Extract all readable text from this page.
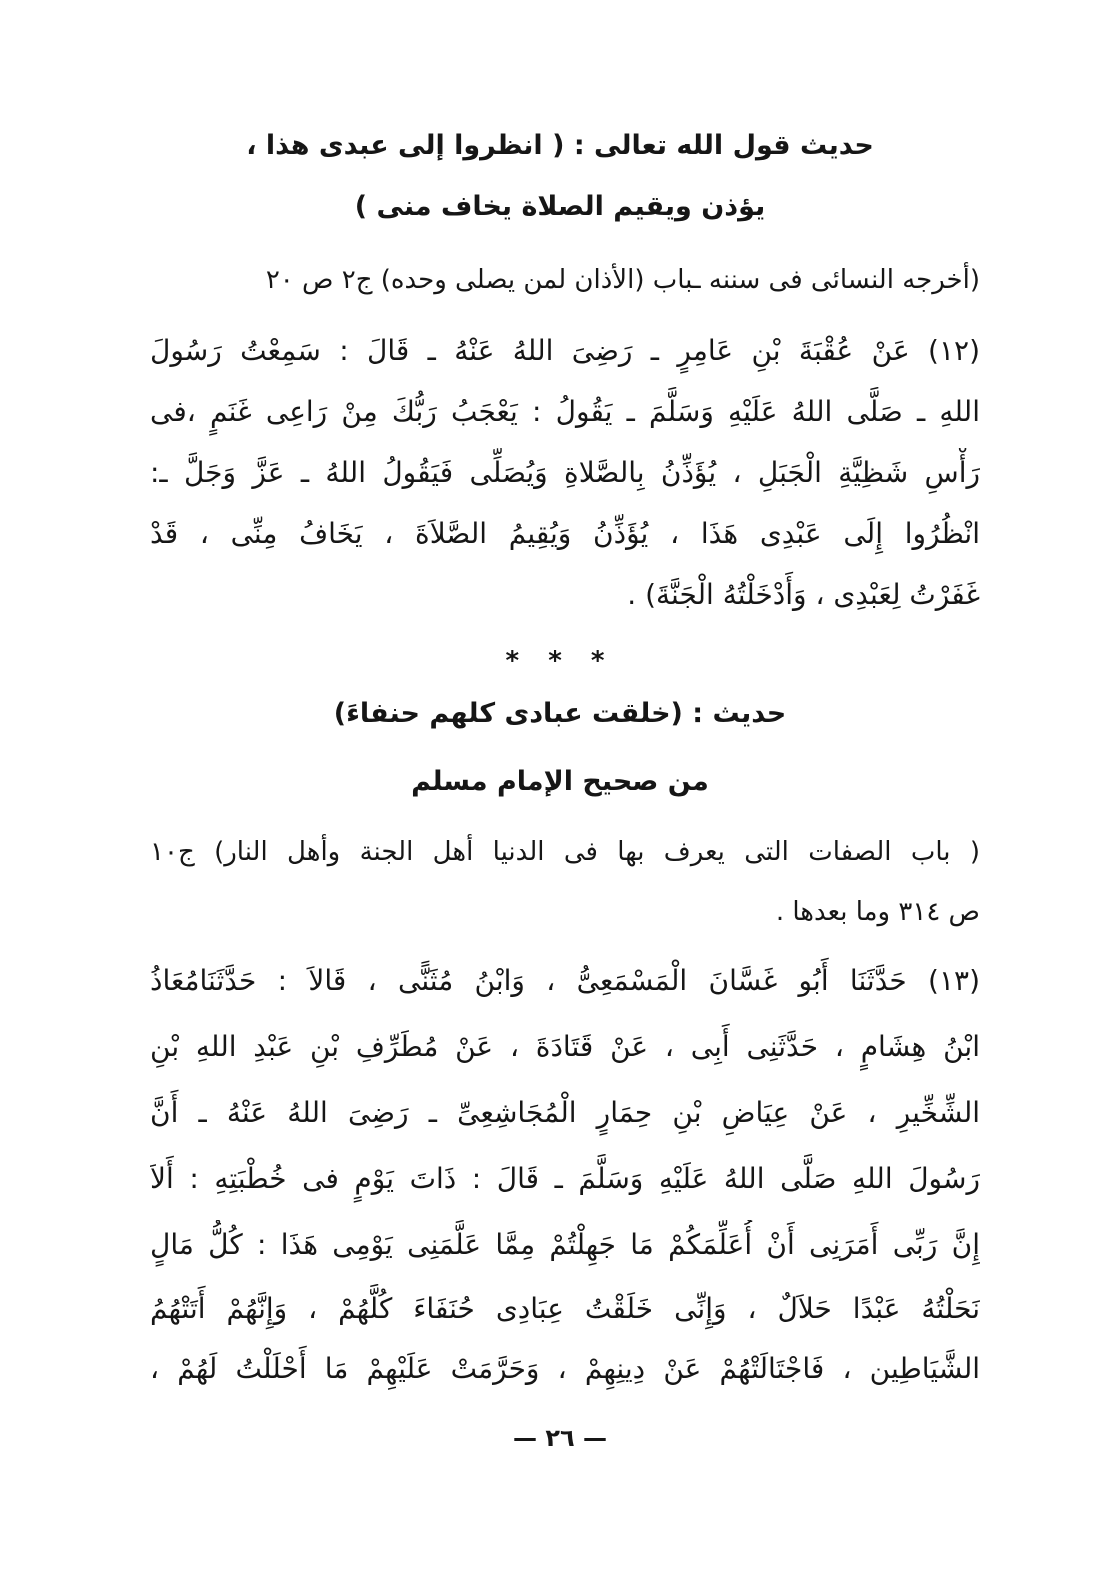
حديث قول الله تعالى : ( انظروا إلى عبدى هذا ،
يؤذن ويقيم الصلاة يخاف منى )
(أخرجه النسائى فى سننه ـباب (الأذان لمن يصلى وحده) ج٢ ص ٢٠
(١٢) عَنْ عُقْبَةَ بْنِ عَامِرٍ ـ رَضِىَ اللهُ عَنْهُ ـ قَالَ : سَمِعْتُ رَسُولَ
اللهِ ـ صَلَّى اللهُ عَلَيْهِ وَسَلَّمَ ـ يَقُولُ : يَعْجَبُ رَبُّكَ مِنْ رَاعِى غَنَمٍ ،فى
رَأْسِ شَظِيَّةِ الْجَبَلِ ، يُؤَذِّنُ بِالصَّلاةِ وَيُصَلِّى فَيَقُولُ اللهُ ـ عَزَّ وَجَلَّ ـ:
انْظُرُوا إِلَى عَبْدِى هَذَا ، يُؤَذِّنُ وَيُقِيمُ الصَّلاَةَ ، يَخَافُ مِنِّى ، قَدْ
غَفَرْتُ لِعَبْدِى ، وَأَدْخَلْتُهُ الْجَنَّةَ) .
* * *
حديث : (خلقت عبادى كلهم حنفاءَ)
من صحيح الإمام مسلم
( باب الصفات التى يعرف بها فى الدنيا أهل الجنة وأهل النار) ج١٠
ص ٣١٤ وما بعدها .
(١٣) حَدَّثَنَا أَبُو غَسَّانَ الْمَسْمَعِىُّ ، وَابْنُ مُثَنًّى ، قَالاَ : حَدَّثَنَامُعَاذُ
ابْنُ هِشَامٍ ، حَدَّثَنِى أَبِى ، عَنْ قَتَادَةَ ، عَنْ مُطَرِّفِ بْنِ عَبْدِ اللهِ بْنِ
الشِّخِّيرِ ، عَنْ عِيَاضِ بْنِ حِمَارٍ الْمُجَاشِعِىِّ ـ رَضِىَ اللهُ عَنْهُ ـ أَنَّ
رَسُولَ اللهِ صَلَّى اللهُ عَلَيْهِ وَسَلَّمَ ـ قَالَ : ذَاتَ يَوْمٍ فى خُطْبَتِهِ : أَلاَ
إِنَّ رَبِّى أَمَرَنِى أَنْ أُعَلِّمَكُمْ مَا جَهِلْتُمْ مِمَّا عَلَّمَنِى يَوْمِى هَذَا : كُلُّ مَالٍ
نَحَلْتُهُ عَبْدًا حَلاَلٌ ، وَإِنِّى خَلَقْتُ عِبَادِى حُنَفَاءَ كُلَّهُمْ ، وَإِنَّهُمْ أَتَتْهُمُ
الشَّيَاطِين ، فَاجْتَالَتْهُمْ عَنْ دِينِهِمْ ، وَحَرَّمَتْ عَلَيْهِمْ مَا أَحْلَلْتُ لَهُمْ ،
— ٢٦ —
